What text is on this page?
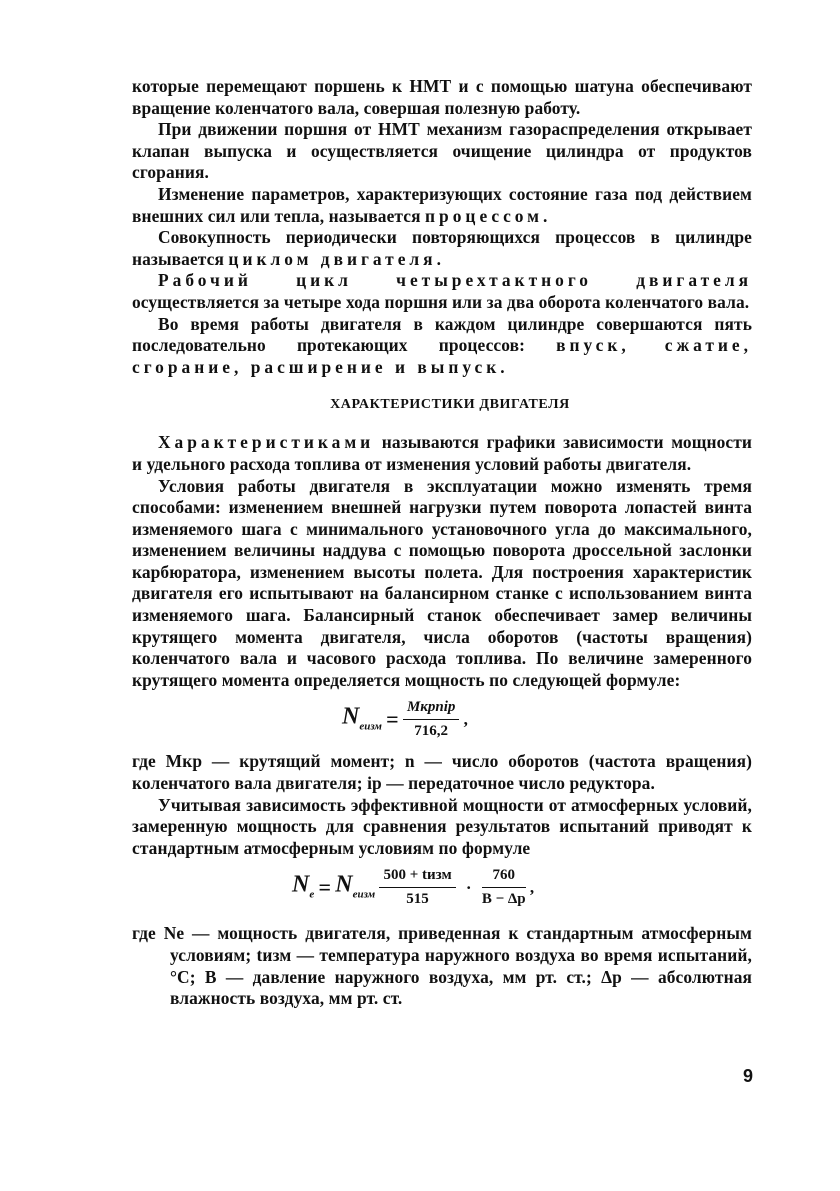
которые перемещают поршень к НМТ и с помощью шатуна обеспечивают вращение коленчатого вала, совершая полезную работу.

При движении поршня от НМТ механизм газораспределения открывает клапан выпуска и осуществляется очищение цилиндра от продуктов сгорания.

Изменение параметров, характеризующих состояние газа под действием внешних сил или тепла, называется процессом.

Совокупность периодически повторяющихся процессов в цилиндре называется циклом двигателя.

Рабочий цикл четырехтактного двигателя осуществляется за четыре хода поршня или за два оборота коленчатого вала.

Во время работы двигателя в каждом цилиндре совершаются пять последовательно протекающих процессов: впуск, сжатие, сгорание, расширение и выпуск.

ХАРАКТЕРИСТИКИ ДВИГАТЕЛЯ

Характеристиками называются графики зависимости мощности и удельного расхода топлива от изменения условий работы двигателя.

Условия работы двигателя в эксплуатации можно изменять тремя способами: изменением внешней нагрузки путем поворота лопастей винта изменяемого шага с минимального установочного угла до максимального, изменением величины наддува с помощью поворота дроссельной заслонки карбюратора, изменением высоты полета. Для построения характеристик двигателя его испытывают на балансирном станке с использованием винта изменяемого шага. Балансирный станок обеспечивает замер величины крутящего момента двигателя, числа оборотов (частоты вращения) коленчатого вала и часового расхода топлива. По величине замеренного крутящего момента определяется мощность по следующей формуле:

$N_{еизм} = \frac{\text{Mкрniр}}{716,2}$ ,

где Mкр — крутящий момент; n — число оборотов (частота вращения) коленчатого вала двигателя; iр — передаточное число редуктора.

Учитывая зависимость эффективной мощности от атмосферных условий, замеренную мощность для сравнения результатов испытаний приводят к стандартным атмосферным условиям по формуле

$N_е = N_{еизм} \frac{\text{500 + tизм}}{515} \cdot \frac{760}{В - \Delta p}$ ,

где Nе — мощность двигателя, приведенная к стандартным атмосферным условиям; tизм — температура наружного воздуха во время испытаний, °С; В — давление наружного воздуха, мм рт. ст.; Δp — абсолютная влажность воздуха, мм рт. ст.

9
